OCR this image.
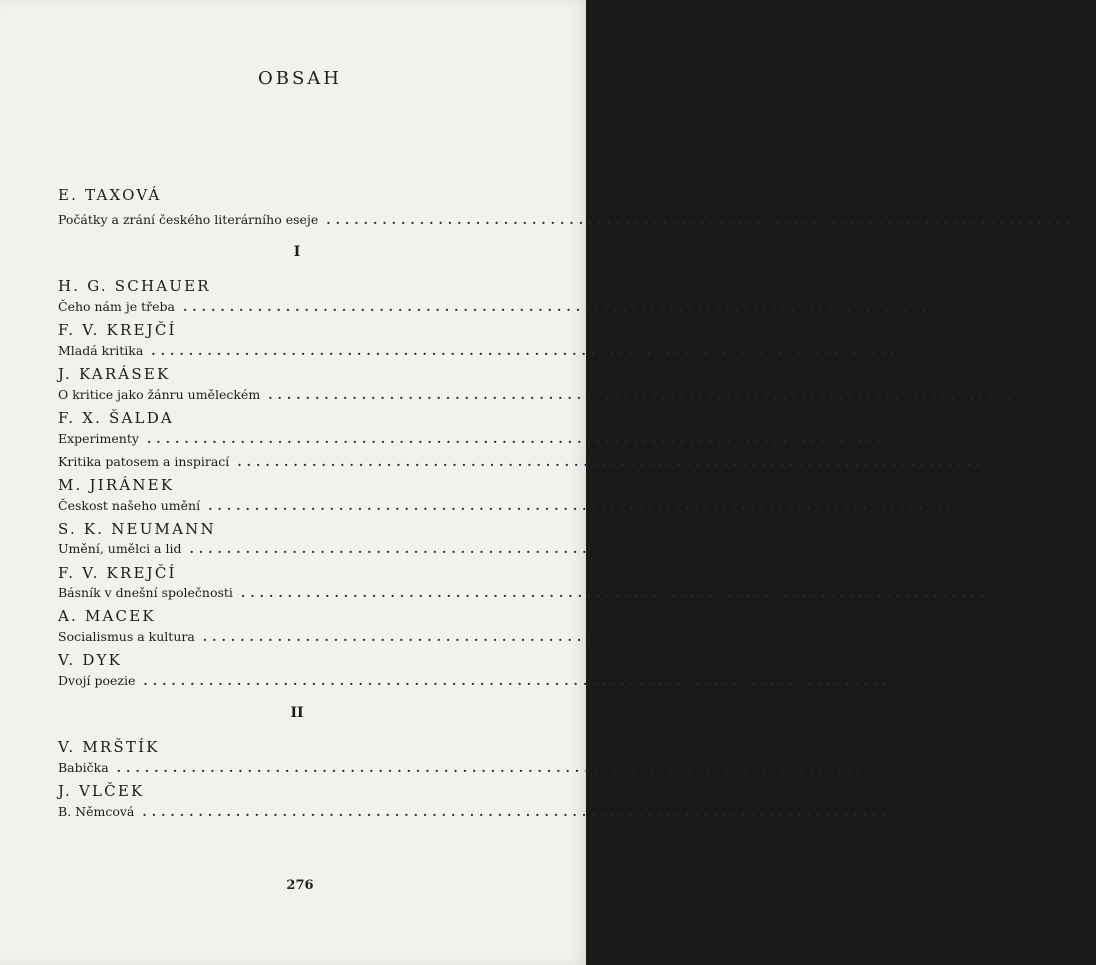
OBSAH
E. TAXOVÁ
Počátky a zrání českého literárního eseje ................................................................................	7
I
H. G. SCHAUER
Čeho nám je třeba ................................................................................ 39
F. V. KREJČÍ
Mladá kritika ................................................................................ 45
J. KARÁSEK
O kritice jako žánru uměleckém ................................................................................ 48
F. X. ŠALDA
Experimenty ................................................................................ 53
Kritika patosem a inspirací ................................................................................ 59
M. JIRÁNEK
Českost našeho umění ................................................................................ 73
S. K. NEUMANN
Umění, umělci a lid ................................................................................ 75
F. V. KREJČÍ
Básník v dnešní společnosti ................................................................................ 86
A. MACEK
Socialismus a kultura ................................................................................ 92
V. DYK
Dvojí poezie ................................................................................ 97
II
V. MRŠTÍK
Babička ................................................................................ 103
J. VLČEK
B. Němcová ................................................................................ 108
276
